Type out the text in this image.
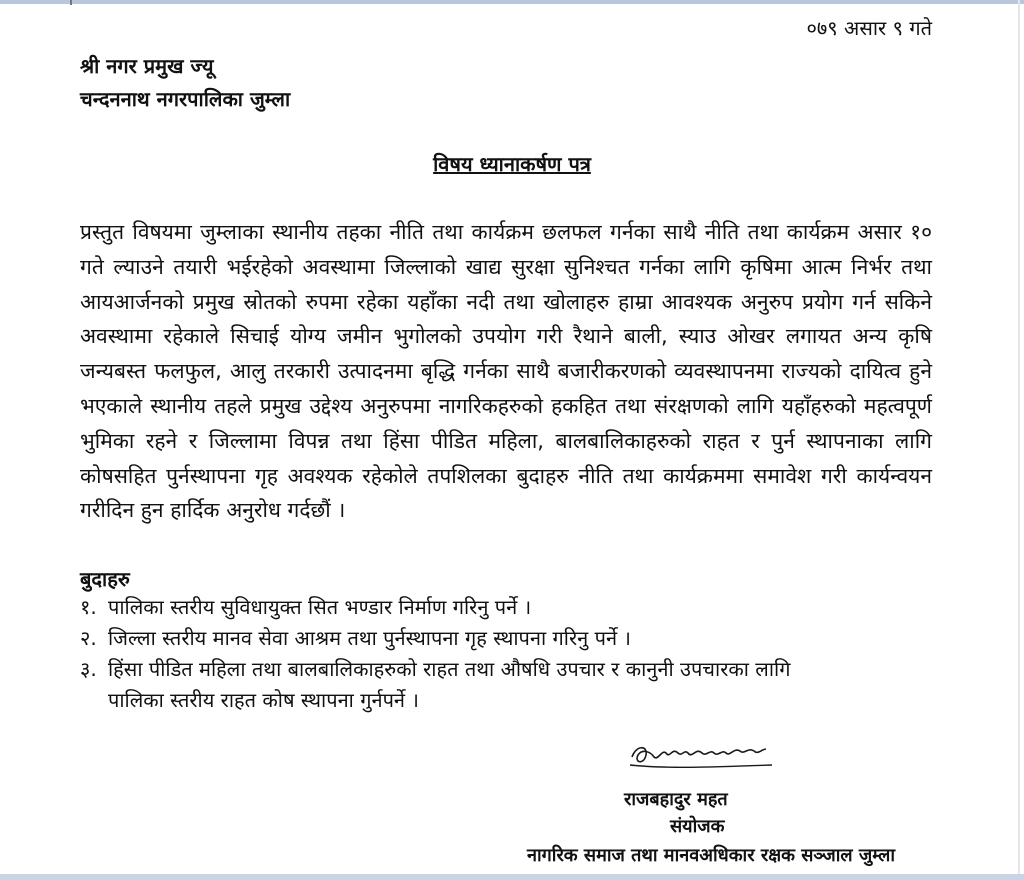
०७९ असार ९ गते
श्री नगर प्रमुख ज्यू
चन्दननाथ नगरपालिका जुम्ला
विषय ध्यानाकर्षण पत्र
प्रस्तुत विषयमा जुम्लाका स्थानीय तहका नीति तथा कार्यक्रम छलफल गर्नका साथै नीति तथा कार्यक्रम असार १० गते ल्याउने तयारी भईरहेको अवस्थामा जिल्लाको खाद्य सुरक्षा सुनिश्चत गर्नका लागि कृषिमा आत्म निर्भर तथा आयआर्जनको प्रमुख स्रोतको रुपमा रहेका यहाँका नदी तथा खोलाहरु हाम्रा आवश्यक अनुरुप प्रयोग गर्न सकिने अवस्थामा रहेकाले सिचाई योग्य जमीन भुगोलको उपयोग गरी रैथाने बाली, स्याउ ओखर लगायत अन्य कृषि जन्यबस्त फलफुल, आलु तरकारी उत्पादनमा बृद्धि गर्नका साथै बजारीकरणको व्यवस्थापनमा राज्यको दायित्व हुने भएकाले स्थानीय तहले प्रमुख उद्देश्य अनुरुपमा नागरिकहरुको हकहित तथा संरक्षणको लागि यहाँहरुको महत्वपूर्ण भुमिका रहने र जिल्लामा विपन्न तथा हिंसा पीडित महिला, बालबालिकाहरुको राहत र पुर्न स्थापनाका लागि कोषसहित पुर्नस्थापना गृह अवश्यक रहेकोले तपशिलका बुदाहरु नीति तथा कार्यक्रममा समावेश गरी कार्यन्वयन गरीदिन हुन हार्दिक अनुरोध गर्दछौं ।
बुदाहरु
१. पालिका स्तरीय सुविधायुक्त सित भण्डार निर्माण गरिनु पर्ने ।
२. जिल्ला स्तरीय मानव सेवा आश्रम तथा पुर्नस्थापना गृह स्थापना गरिनु पर्ने ।
३. हिंसा पीडित महिला तथा बालबालिकाहरुको राहत तथा औषधि उपचार र कानुनी उपचारका लागि
पालिका स्तरीय राहत कोष स्थापना गुर्नपर्ने ।
राजबहादुर महत
संयोजक
नागरिक समाज तथा मानवअधिकार रक्षक सञ्जाल जुम्ला
